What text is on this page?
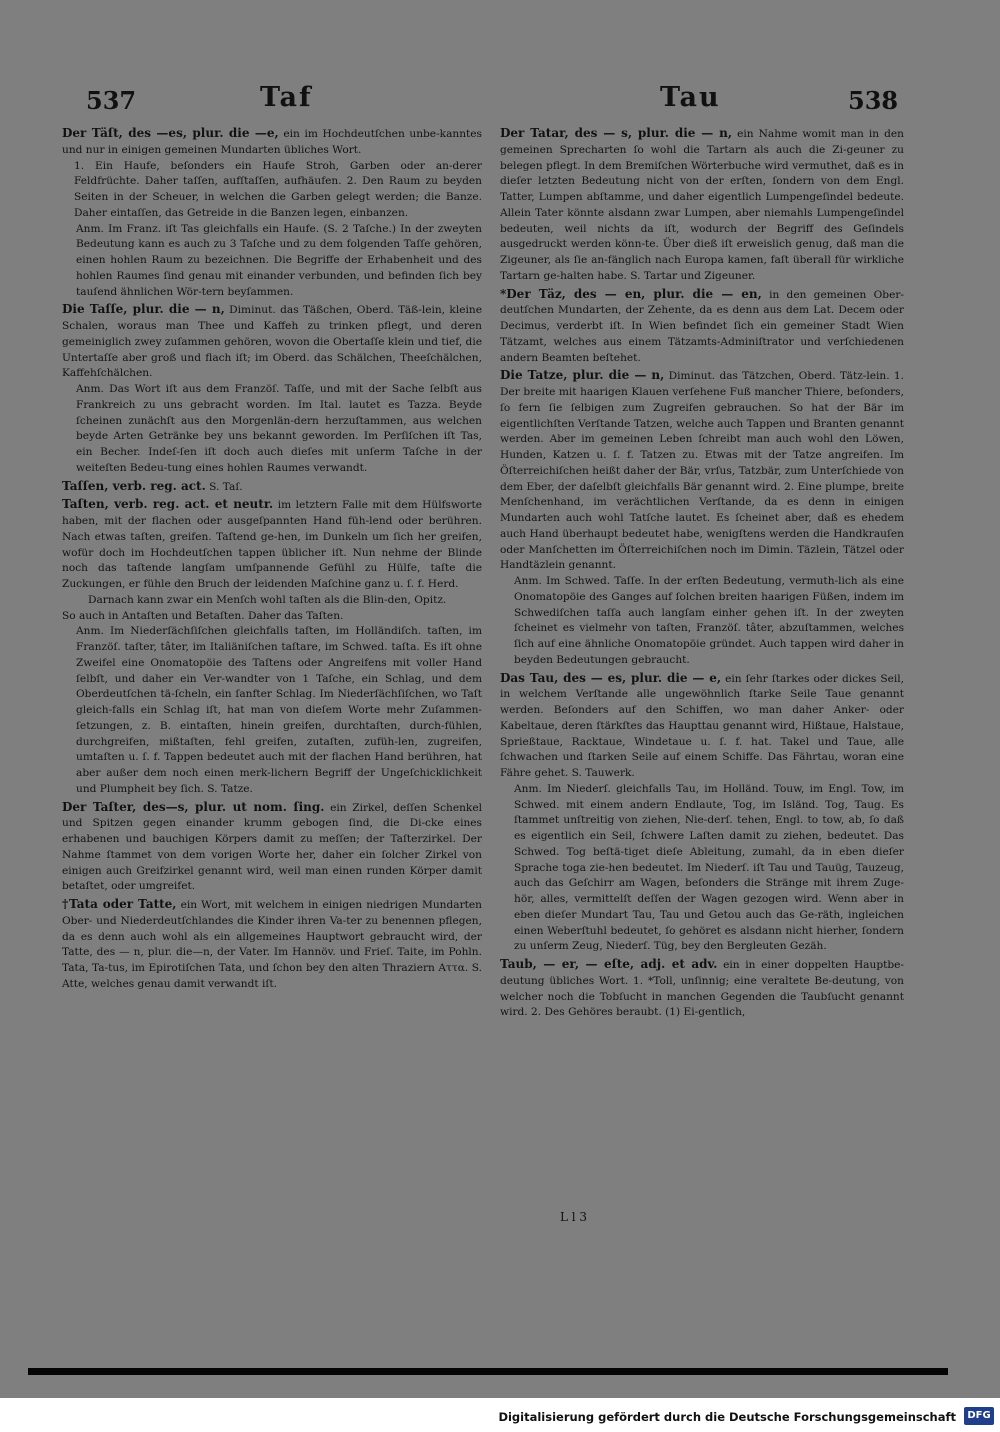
537	Taf	Tau	538

Der Täſt, des —es, plur. die —e, ein im Hochdeutſchen unbe-kanntes und nur in einigen gemeinen Mundarten übliches Wort.

1. Ein Haufe, beſonders ein Haufe Stroh, Garben oder an-derer Feldfrüchte. Daher taſſen, aufſtaſſen, aufhäufen. 2. Den Raum zu beyden Seiten in der Scheuer, in welchen die Garben gelegt werden; die Banze. Daher eintaſſen, das Getreide in die Banzen legen, einbanzen.

Anm. Im Franz. iſt Tas gleichfalls ein Haufe. (S. 2 Taſche.) In der zweyten Bedeutung kann es auch zu 3 Taſche und zu dem folgenden Taſſe gehören, einen hohlen Raum zu bezeichnen. Die Begriffe der Erhabenheit und des hohlen Raumes ſind genau mit einander verbunden, und befinden ſich bey tauſend ähnlichen Wör-tern beyſammen.

Die Taſſe, plur. die — n, Diminut. das Täßchen, Oberd. Täß-lein, kleine Schalen, woraus man Thee und Kaffeh zu trinken pflegt, und deren gemeiniglich zwey zuſammen gehören, wovon die Obertaſſe klein und tief, die Untertaſſe aber groß und flach iſt; im Oberd. das Schälchen, Theeſchälchen, Kaffehſchälchen.

Anm. Das Wort iſt aus dem Franzöſ. Taſſe, und mit der Sache ſelbſt aus Frankreich zu uns gebracht worden. Im Ital. lautet es Tazza. Beyde ſcheinen zunächſt aus den Morgenlän-dern herzuſtammen, aus welchen beyde Arten Getränke bey uns bekannt geworden. Im Perſiſchen iſt Tas, ein Becher. Indeſ-ſen iſt doch auch dieſes mit unſerm Taſche in der weiteſten Bedeu-tung eines hohlen Raumes verwandt.

Taſſen, verb. reg. act. S. Taſ.

Taſten, verb. reg. act. et neutr. im letztern Falle mit dem Hülfsworte haben, mit der flachen oder ausgeſpannten Hand füh-lend oder berühren. Nach etwas taſten, greifen. Taſtend ge-hen, im Dunkeln um ſich her greifen, wofür doch im Hochdeutſchen tappen üblicher iſt. Nun nehme der Blinde noch das taſtende langſam umſpannende Gefühl zu Hülfe, taſte die Zuckungen, er fühle den Bruch der leidenden Maſchine ganz u. ſ. f. Herd.

Darnach kann zwar ein Menſch wohl taſten als die Blin-den, Opitz.

So auch in Antaſten und Betaſten. Daher das Taſten.

Anm. Im Niederſächſiſchen gleichfalls taſten, im Holländiſch. taſten, im Franzöſ. taſter, tâter, im Italiäniſchen taſtare, im Schwed. taſta. Es iſt ohne Zweifel eine Onomatopöie des Taſtens oder Angreifens mit voller Hand ſelbſt, und daher ein Ver-wandter von 1 Taſche, ein Schlag, und dem Oberdeutſchen tä-ſcheln, ein ſanfter Schlag. Im Niederſächſiſchen, wo Taſt gleich-falls ein Schlag iſt, hat man von dieſem Worte mehr Zuſammen-ſetzungen, z. B. eintaſten, hinein greifen, durchtaſten, durch-fühlen, durchgreifen, mißtaſten, fehl greifen, zutaſten, zufüh-len, zugreifen, umtaſten u. ſ. f. Tappen bedeutet auch mit der flachen Hand berühren, hat aber außer dem noch einen merk-lichern Begriff der Ungeſchicklichkeit und Plumpheit bey ſich. S. Tatze.

Der Taſter, des—s, plur. ut nom. ſing. ein Zirkel, deſſen Schenkel und Spitzen gegen einander krumm gebogen ſind, die Di-cke eines erhabenen und bauchigen Körpers damit zu meſſen; der Taſterzirkel. Der Nahme ſtammet von dem vorigen Worte her, daher ein ſolcher Zirkel von einigen auch Greifzirkel genannt wird, weil man einen runden Körper damit betaſtet, oder umgreifet.

†Tata oder Tatte, ein Wort, mit welchem in einigen niedrigen Mundarten Ober- und Niederdeutſchlandes die Kinder ihren Va-ter zu benennen pflegen, da es denn auch wohl als ein allgemeines Hauptwort gebraucht wird, der Tatte, des — n, plur. die—n, der Vater. Im Hannöv. und Frieſ. Taite, im Pohln. Tata, Ta-tus, im Epirotiſchen Tata, und ſchon bey den alten Thraziern Αττα. S. Atte, welches genau damit verwandt iſt.

Der Tatar, des — s, plur. die — n, ein Nahme womit man in den gemeinen Sprecharten ſo wohl die Tartarn als auch die Zi-geuner zu belegen pflegt. In dem Bremiſchen Wörterbuche wird vermuthet, daß es in dieſer letzten Bedeutung nicht von der erſten, ſondern von dem Engl. Tatter, Lumpen abſtamme, und daher eigentlich Lumpengeſindel bedeute. Allein Tater könnte alsdann zwar Lumpen, aber niemahls Lumpengeſindel bedeuten, weil nichts da iſt, wodurch der Begriff des Geſindels ausgedruckt werden könn-te. Über dieß iſt erweislich genug, daß man die Zigeuner, als ſie an-fänglich nach Europa kamen, faſt überall für wirkliche Tartarn ge-halten habe. S. Tartar und Zigeuner.

*Der Täz, des — en, plur. die — en, in den gemeinen Ober-deutſchen Mundarten, der Zehente, da es denn aus dem Lat. Decem oder Decimus, verderbt iſt. In Wien befindet ſich ein gemeiner Stadt Wien Tätzamt, welches aus einem Tätzamts-Adminiſtrator und verſchiedenen andern Beamten beſtehet.

Die Tatze, plur. die — n, Diminut. das Tätzchen, Oberd. Tätz-lein. 1. Der breite mit haarigen Klauen verſehene Fuß mancher Thiere, beſonders, ſo fern ſie ſelbigen zum Zugreifen gebrauchen. So hat der Bär im eigentlichſten Verſtande Tatzen, welche auch Tappen und Branten genannt werden. Aber im gemeinen Leben ſchreibt man auch wohl den Löwen, Hunden, Katzen u. ſ. f. Tatzen zu. Etwas mit der Tatze angreifen. Im Öſterreichiſchen heißt daher der Bär, vrſus, Tatzbär, zum Unterſchiede von dem Eber, der daſelbſt gleichfalls Bär genannt wird. 2. Eine plumpe, breite Menſchenhand, im verächtlichen Verſtande, da es denn in einigen Mundarten auch wohl Tatſche lautet. Es ſcheinet aber, daß es ehedem auch Hand überhaupt bedeutet habe, wenigſtens werden die Handkrauſen oder Manſchetten im Öſterreichiſchen noch im Dimin. Täzlein, Tätzel oder Handtäzlein genannt.

Anm. Im Schwed. Taſſe. In der erſten Bedeutung, vermuth-lich als eine Onomatopöie des Ganges auf ſolchen breiten haarigen Füßen, indem im Schwediſchen taſſa auch langſam einher gehen iſt. In der zweyten ſcheinet es vielmehr von taſten, Franzöſ. tâter, abzuſtammen, welches ſich auf eine ähnliche Onomatopöie gründet. Auch tappen wird daher in beyden Bedeutungen gebraucht.

Das Tau, des — es, plur. die — e, ein ſehr ſtarkes oder dickes Seil, in welchem Verſtande alle ungewöhnlich ſtarke Seile Taue genannt werden. Beſonders auf den Schiffen, wo man daher Anker- oder Kabeltaue, deren ſtärkſtes das Haupttau genannt wird, Hißtaue, Halstaue, Sprießtaue, Racktaue, Windetaue u. ſ. f. hat. Takel und Taue, alle ſchwachen und ſtarken Seile auf einem Schiffe. Das Fährtau, woran eine Fähre gehet. S. Tauwerk.

Anm. Im Niederſ. gleichfalls Tau, im Holländ. Touw, im Engl. Tow, im Schwed. mit einem andern Endlaute, Tog, im Isländ. Tog, Taug. Es ſtammet unſtreitig von ziehen, Nie-derſ. tehen, Engl. to tow, ab, ſo daß es eigentlich ein Seil, ſchwere Laſten damit zu ziehen, bedeutet. Das Schwed. Tog beſtä-tiget dieſe Ableitung, zumahl, da in eben dieſer Sprache toga zie-hen bedeutet. Im Niederſ. iſt Tau und Tauüg, Tauzeug, auch das Geſchirr am Wagen, beſonders die Stränge mit ihrem Zuge-hör, alles, vermittelſt deſſen der Wagen gezogen wird. Wenn aber in eben dieſer Mundart Tau, Tau und Getou auch das Ge-räth, ingleichen einen Weberſtuhl bedeutet, ſo gehöret es alsdann nicht hierher, ſondern zu unſerm Zeug, Niederſ. Tüg, bey den Bergleuten Gezäh.

Taub, — er, — eſte, adj. et adv. ein in einer doppelten Hauptbe-deutung übliches Wort. 1. *Toll, unſinnig; eine veraltete Be-deutung, von welcher noch die Tobſucht in manchen Gegenden die Taubſucht genannt wird. 2. Des Gehöres beraubt. (1) Ei-gentlich,

L l 3
Digitalisierung gefördert durch die Deutsche Forschungsgemeinschaft	DFG
